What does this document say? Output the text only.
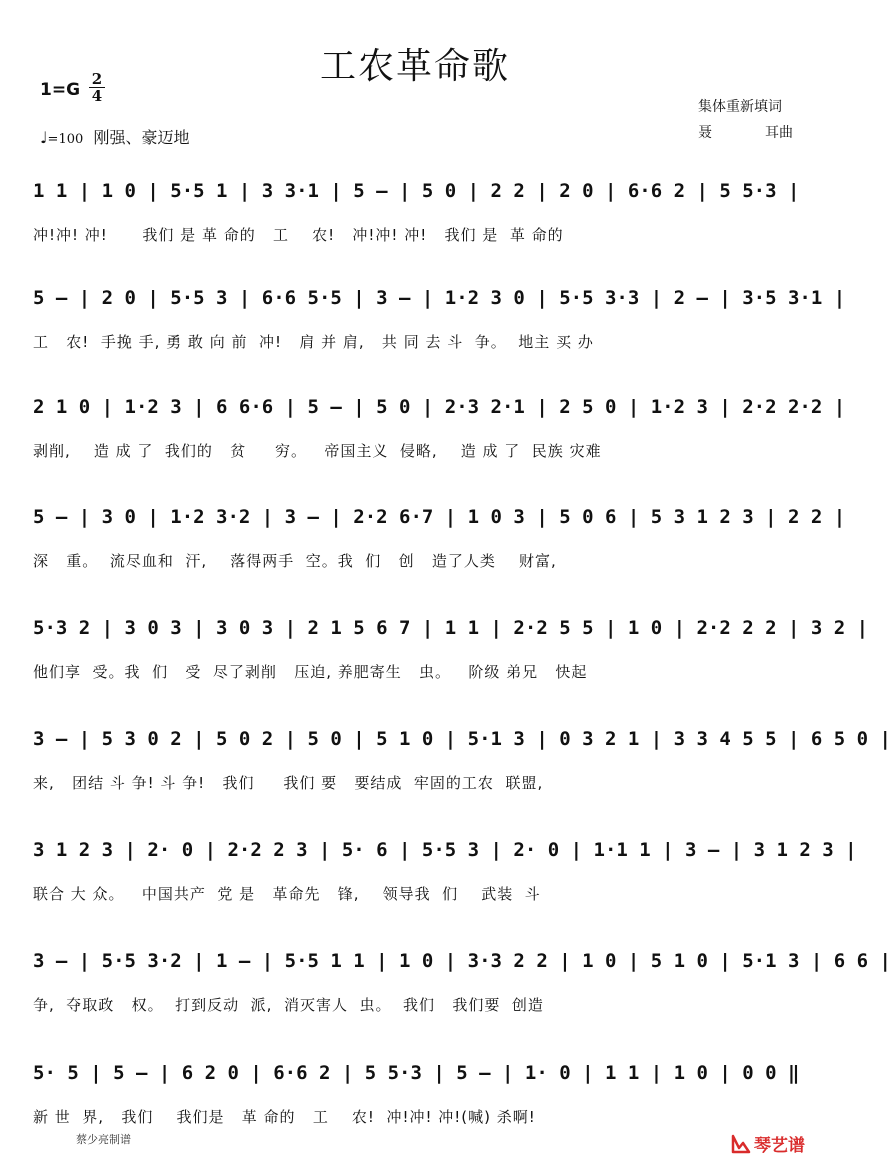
工农革命歌
1=G
2
4
♩=100 刚强、豪迈地
集体重新填词
聂	耳曲
1 1 | 1 0 | 5·5 1 | 3 3·1 | 5 – | 5 0 | 2 2 | 2 0 | 6·6 2 | 5 5·3 |
冲!冲! 冲!      我们 是 革 命的   工    农!   冲!冲! 冲!   我们 是  革 命的
5 – | 2 0 | 5·5 3 | 6·6 5·5 | 3 – | 1·2 3 0 | 5·5 3·3 | 2 – | 3·5 3·1 |
工   农!  手挽 手, 勇 敢 向 前  冲!   肩 并 肩,   共 同 去 斗  争。  地主 买 办
2 1 0 | 1·2 3 | 6 6·6 | 5 – | 5 0 | 2·3 2·1 | 2 5 0 | 1·2 3 | 2·2 2·2 |
剥削,    造 成 了  我们的   贫     穷。   帝国主义  侵略,    造 成 了  民族 灾难
5 – | 3 0 | 1·2 3·2 | 3 – | 2·2 6·7 | 1 0 3 | 5 0 6 | 5 3 1 2 3 | 2 2 |
深   重。  流尽血和  汗,    落得两手  空。我  们   创   造了人类    财富,
5·3 2 | 3 0 3 | 3 0 3 | 2 1 5 6 7 | 1 1 | 2·2 5 5 | 1 0 | 2·2 2 2 | 3 2 |
他们享  受。我  们   受  尽了剥削   压迫, 养肥寄生   虫。   阶级 弟兄   快起
3 – | 5 3 0 2 | 5 0 2 | 5 0 | 5 1 0 | 5·1 3 | 0 3 2 1 | 3 3 4 5 5 | 6 5 0 |
来,   团结 斗 争! 斗 争!   我们     我们 要   要结成  牢固的工农  联盟,
3 1 2 3 | 2· 0 | 2·2 2 3 | 5· 6 | 5·5 3 | 2· 0 | 1·1 1 | 3 – | 3 1 2 3 |
联合 大 众。   中国共产  党 是   革命先   锋,    领导我  们    武装  斗
3 – | 5·5 3·2 | 1 – | 5·5 1 1 | 1 0 | 3·3 2 2 | 1 0 | 5 1 0 | 5·1 3 | 6 6 |
争,  夺取政   权。  打到反动  派,  消灭害人  虫。  我们   我们要  创造
5· 5 | 5 – | 6 2 0 | 6·6 2 | 5 5·3 | 5 – | 1· 0 | 1 1 | 1 0 | 0 0 ‖
新 世  界,   我们    我们是   革 命的   工    农!  冲!冲! 冲!(喊) 杀啊!
蔡少亮制谱	琴艺谱
